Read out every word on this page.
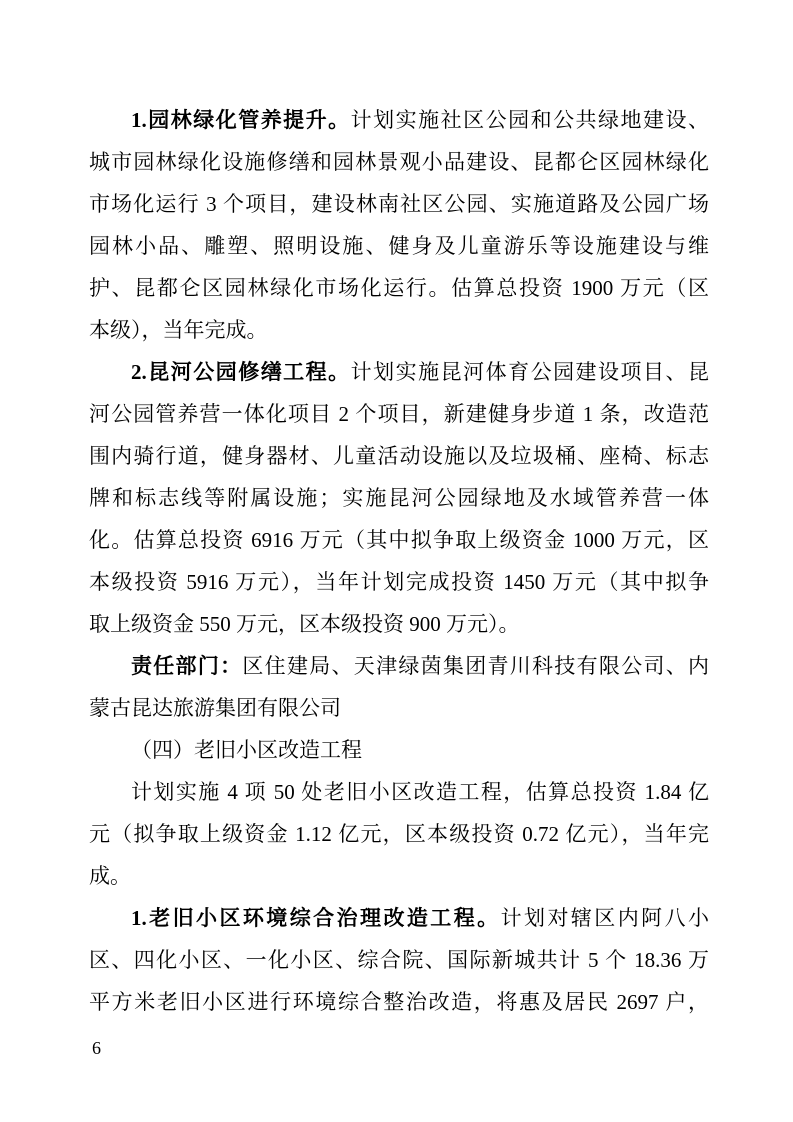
1.园林绿化管养提升。计划实施社区公园和公共绿地建设、
城市园林绿化设施修缮和园林景观小品建设、昆都仑区园林绿化
市场化运行 3 个项目，建设林南社区公园、实施道路及公园广场
园林小品、雕塑、照明设施、健身及儿童游乐等设施建设与维
护、昆都仑区园林绿化市场化运行。估算总投资 1900 万元（区
本级），当年完成。
2.昆河公园修缮工程。计划实施昆河体育公园建设项目、昆
河公园管养营一体化项目 2 个项目，新建健身步道 1 条，改造范
围内骑行道，健身器材、儿童活动设施以及垃圾桶、座椅、标志
牌和标志线等附属设施；实施昆河公园绿地及水域管养营一体
化。估算总投资 6916 万元（其中拟争取上级资金 1000 万元，区
本级投资 5916 万元），当年计划完成投资 1450 万元（其中拟争
取上级资金 550 万元，区本级投资 900 万元）。
责任部门：区住建局、天津绿茵集团青川科技有限公司、内
蒙古昆达旅游集团有限公司
（四）老旧小区改造工程
计划实施 4 项 50 处老旧小区改造工程，估算总投资 1.84 亿
元（拟争取上级资金 1.12 亿元，区本级投资 0.72 亿元），当年完
成。
1.老旧小区环境综合治理改造工程。计划对辖区内阿八小
区、四化小区、一化小区、综合院、国际新城共计 5 个 18.36 万
平方米老旧小区进行环境综合整治改造，将惠及居民 2697 户，
6
